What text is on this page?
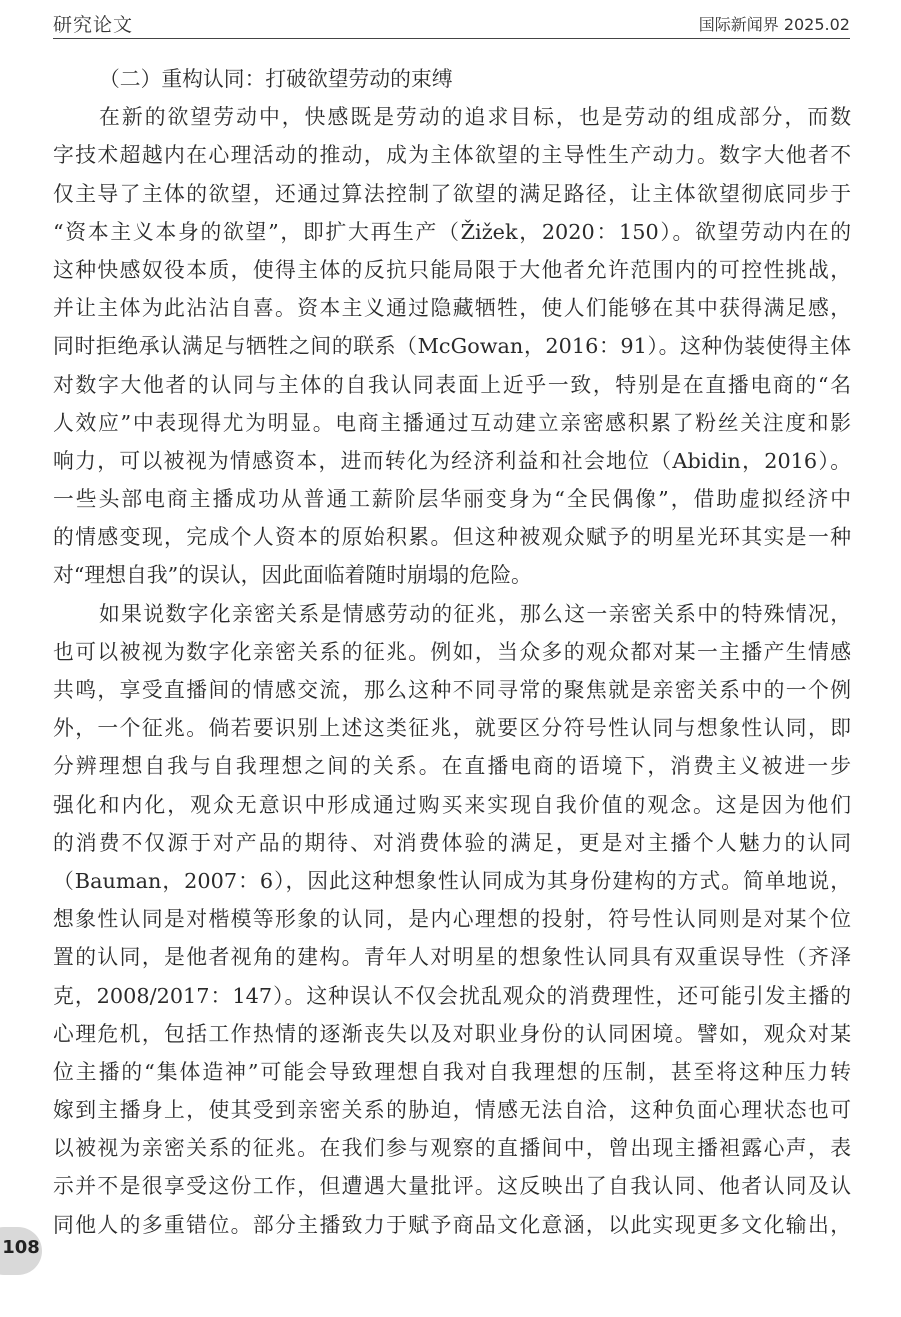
研究论文	国际新闻界 2025.02
（二）重构认同：打破欲望劳动的束缚
在新的欲望劳动中，快感既是劳动的追求目标，也是劳动的组成部分，而数
字技术超越内在心理活动的推动，成为主体欲望的主导性生产动力。数字大他者不
仅主导了主体的欲望，还通过算法控制了欲望的满足路径，让主体欲望彻底同步于
“资本主义本身的欲望”，即扩大再生产（Žižek，2020：150）。欲望劳动内在的
这种快感奴役本质，使得主体的反抗只能局限于大他者允许范围内的可控性挑战，
并让主体为此沾沾自喜。资本主义通过隐藏牺牲，使人们能够在其中获得满足感，
同时拒绝承认满足与牺牲之间的联系（McGowan，2016：91）。这种伪装使得主体
对数字大他者的认同与主体的自我认同表面上近乎一致，特别是在直播电商的“名
人效应”中表现得尤为明显。电商主播通过互动建立亲密感积累了粉丝关注度和影
响力，可以被视为情感资本，进而转化为经济利益和社会地位（Abidin，2016）。
一些头部电商主播成功从普通工薪阶层华丽变身为“全民偶像”，借助虚拟经济中
的情感变现，完成个人资本的原始积累。但这种被观众赋予的明星光环其实是一种
对“理想自我”的误认，因此面临着随时崩塌的危险。
如果说数字化亲密关系是情感劳动的征兆，那么这一亲密关系中的特殊情况，
也可以被视为数字化亲密关系的征兆。例如，当众多的观众都对某一主播产生情感
共鸣，享受直播间的情感交流，那么这种不同寻常的聚焦就是亲密关系中的一个例
外，一个征兆。倘若要识别上述这类征兆，就要区分符号性认同与想象性认同，即
分辨理想自我与自我理想之间的关系。在直播电商的语境下，消费主义被进一步
强化和内化，观众无意识中形成通过购买来实现自我价值的观念。这是因为他们
的消费不仅源于对产品的期待、对消费体验的满足，更是对主播个人魅力的认同
（Bauman，2007：6），因此这种想象性认同成为其身份建构的方式。简单地说，
想象性认同是对楷模等形象的认同，是内心理想的投射，符号性认同则是对某个位
置的认同，是他者视角的建构。青年人对明星的想象性认同具有双重误导性（齐泽
克，2008/2017：147）。这种误认不仅会扰乱观众的消费理性，还可能引发主播的
心理危机，包括工作热情的逐渐丧失以及对职业身份的认同困境。譬如，观众对某
位主播的“集体造神”可能会导致理想自我对自我理想的压制，甚至将这种压力转
嫁到主播身上，使其受到亲密关系的胁迫，情感无法自洽，这种负面心理状态也可
以被视为亲密关系的征兆。在我们参与观察的直播间中，曾出现主播袒露心声，表
示并不是很享受这份工作，但遭遇大量批评。这反映出了自我认同、他者认同及认
同他人的多重错位。部分主播致力于赋予商品文化意涵，以此实现更多文化输出，
108
